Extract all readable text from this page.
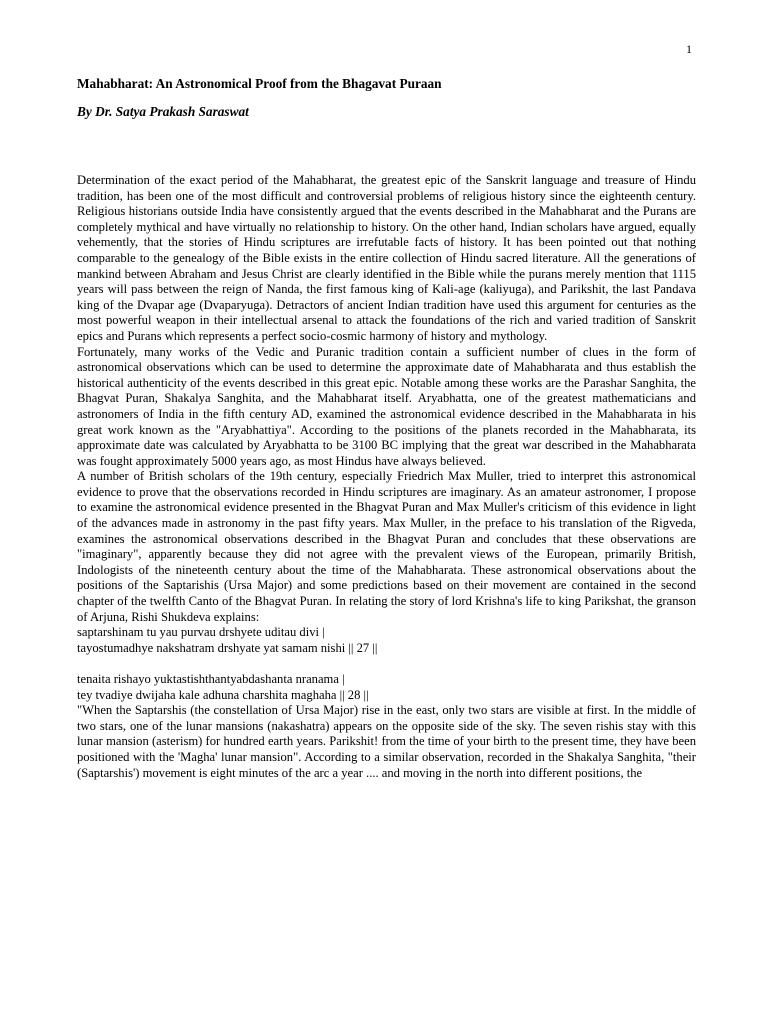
1
Mahabharat: An Astronomical Proof from the Bhagavat Puraan
By Dr. Satya Prakash Saraswat

Determination of the exact period of the Mahabharat, the greatest epic of the Sanskrit language and treasure of Hindu tradition, has been one of the most difficult and controversial problems of religious history since the eighteenth century. Religious historians outside India have consistently argued that the events described in the Mahabharat and the Purans are completely mythical and have virtually no relationship to history. On the other hand, Indian scholars have argued, equally vehemently, that the stories of Hindu scriptures are irrefutable facts of history. It has been pointed out that nothing comparable to the genealogy of the Bible exists in the entire collection of Hindu sacred literature. All the generations of mankind between Abraham and Jesus Christ are clearly identified in the Bible while the purans merely mention that 1115 years will pass between the reign of Nanda, the first famous king of Kali-age (kaliyuga), and Parikshit, the last Pandava king of the Dvapar age (Dvaparyuga). Detractors of ancient Indian tradition have used this argument for centuries as the most powerful weapon in their intellectual arsenal to attack the foundations of the rich and varied tradition of Sanskrit epics and Purans which represents a perfect socio-cosmic harmony of history and mythology.

Fortunately, many works of the Vedic and Puranic tradition contain a sufficient number of clues in the form of astronomical observations which can be used to determine the approximate date of Mahabharata and thus establish the historical authenticity of the events described in this great epic. Notable among these works are the Parashar Sanghita, the Bhagvat Puran, Shakalya Sanghita, and the Mahabharat itself. Aryabhatta, one of the greatest mathematicians and astronomers of India in the fifth century AD, examined the astronomical evidence described in the Mahabharata in his great work known as the "Aryabhattiya". According to the positions of the planets recorded in the Mahabharata, its approximate date was calculated by Aryabhatta to be 3100 BC implying that the great war described in the Mahabharata was fought approximately 5000 years ago, as most Hindus have always believed.

A number of British scholars of the 19th century, especially Friedrich Max Muller, tried to interpret this astronomical evidence to prove that the observations recorded in Hindu scriptures are imaginary. As an amateur astronomer, I propose to examine the astronomical evidence presented in the Bhagvat Puran and Max Muller's criticism of this evidence in light of the advances made in astronomy in the past fifty years. Max Muller, in the preface to his translation of the Rigveda, examines the astronomical observations described in the Bhagvat Puran and concludes that these observations are "imaginary", apparently because they did not agree with the prevalent views of the European, primarily British, Indologists of the nineteenth century about the time of the Mahabharata. These astronomical observations about the positions of the Saptarishis (Ursa Major) and some predictions based on their movement are contained in the second chapter of the twelfth Canto of the Bhagvat Puran. In relating the story of lord Krishna's life to king Parikshat, the granson of Arjuna, Rishi Shukdeva explains:

saptarshinam tu yau purvau drshyete uditau divi |

tayostumadhye nakshatram drshyate yat samam nishi || 27 ||

tenaita rishayo yuktastishthantyabdashanta nranama |

tey tvadiye dwijaha kale adhuna charshita maghaha || 28 ||

"When the Saptarshis (the constellation of Ursa Major) rise in the east, only two stars are visible at first. In the middle of two stars, one of the lunar mansions (nakashatra) appears on the opposite side of the sky. The seven rishis stay with this lunar mansion (asterism) for hundred earth years. Parikshit! from the time of your birth to the present time, they have been positioned with the 'Magha' lunar mansion". According to a similar observation, recorded in the Shakalya Sanghita, "their (Saptarshis') movement is eight minutes of the arc a year .... and moving in the north into different positions, the
